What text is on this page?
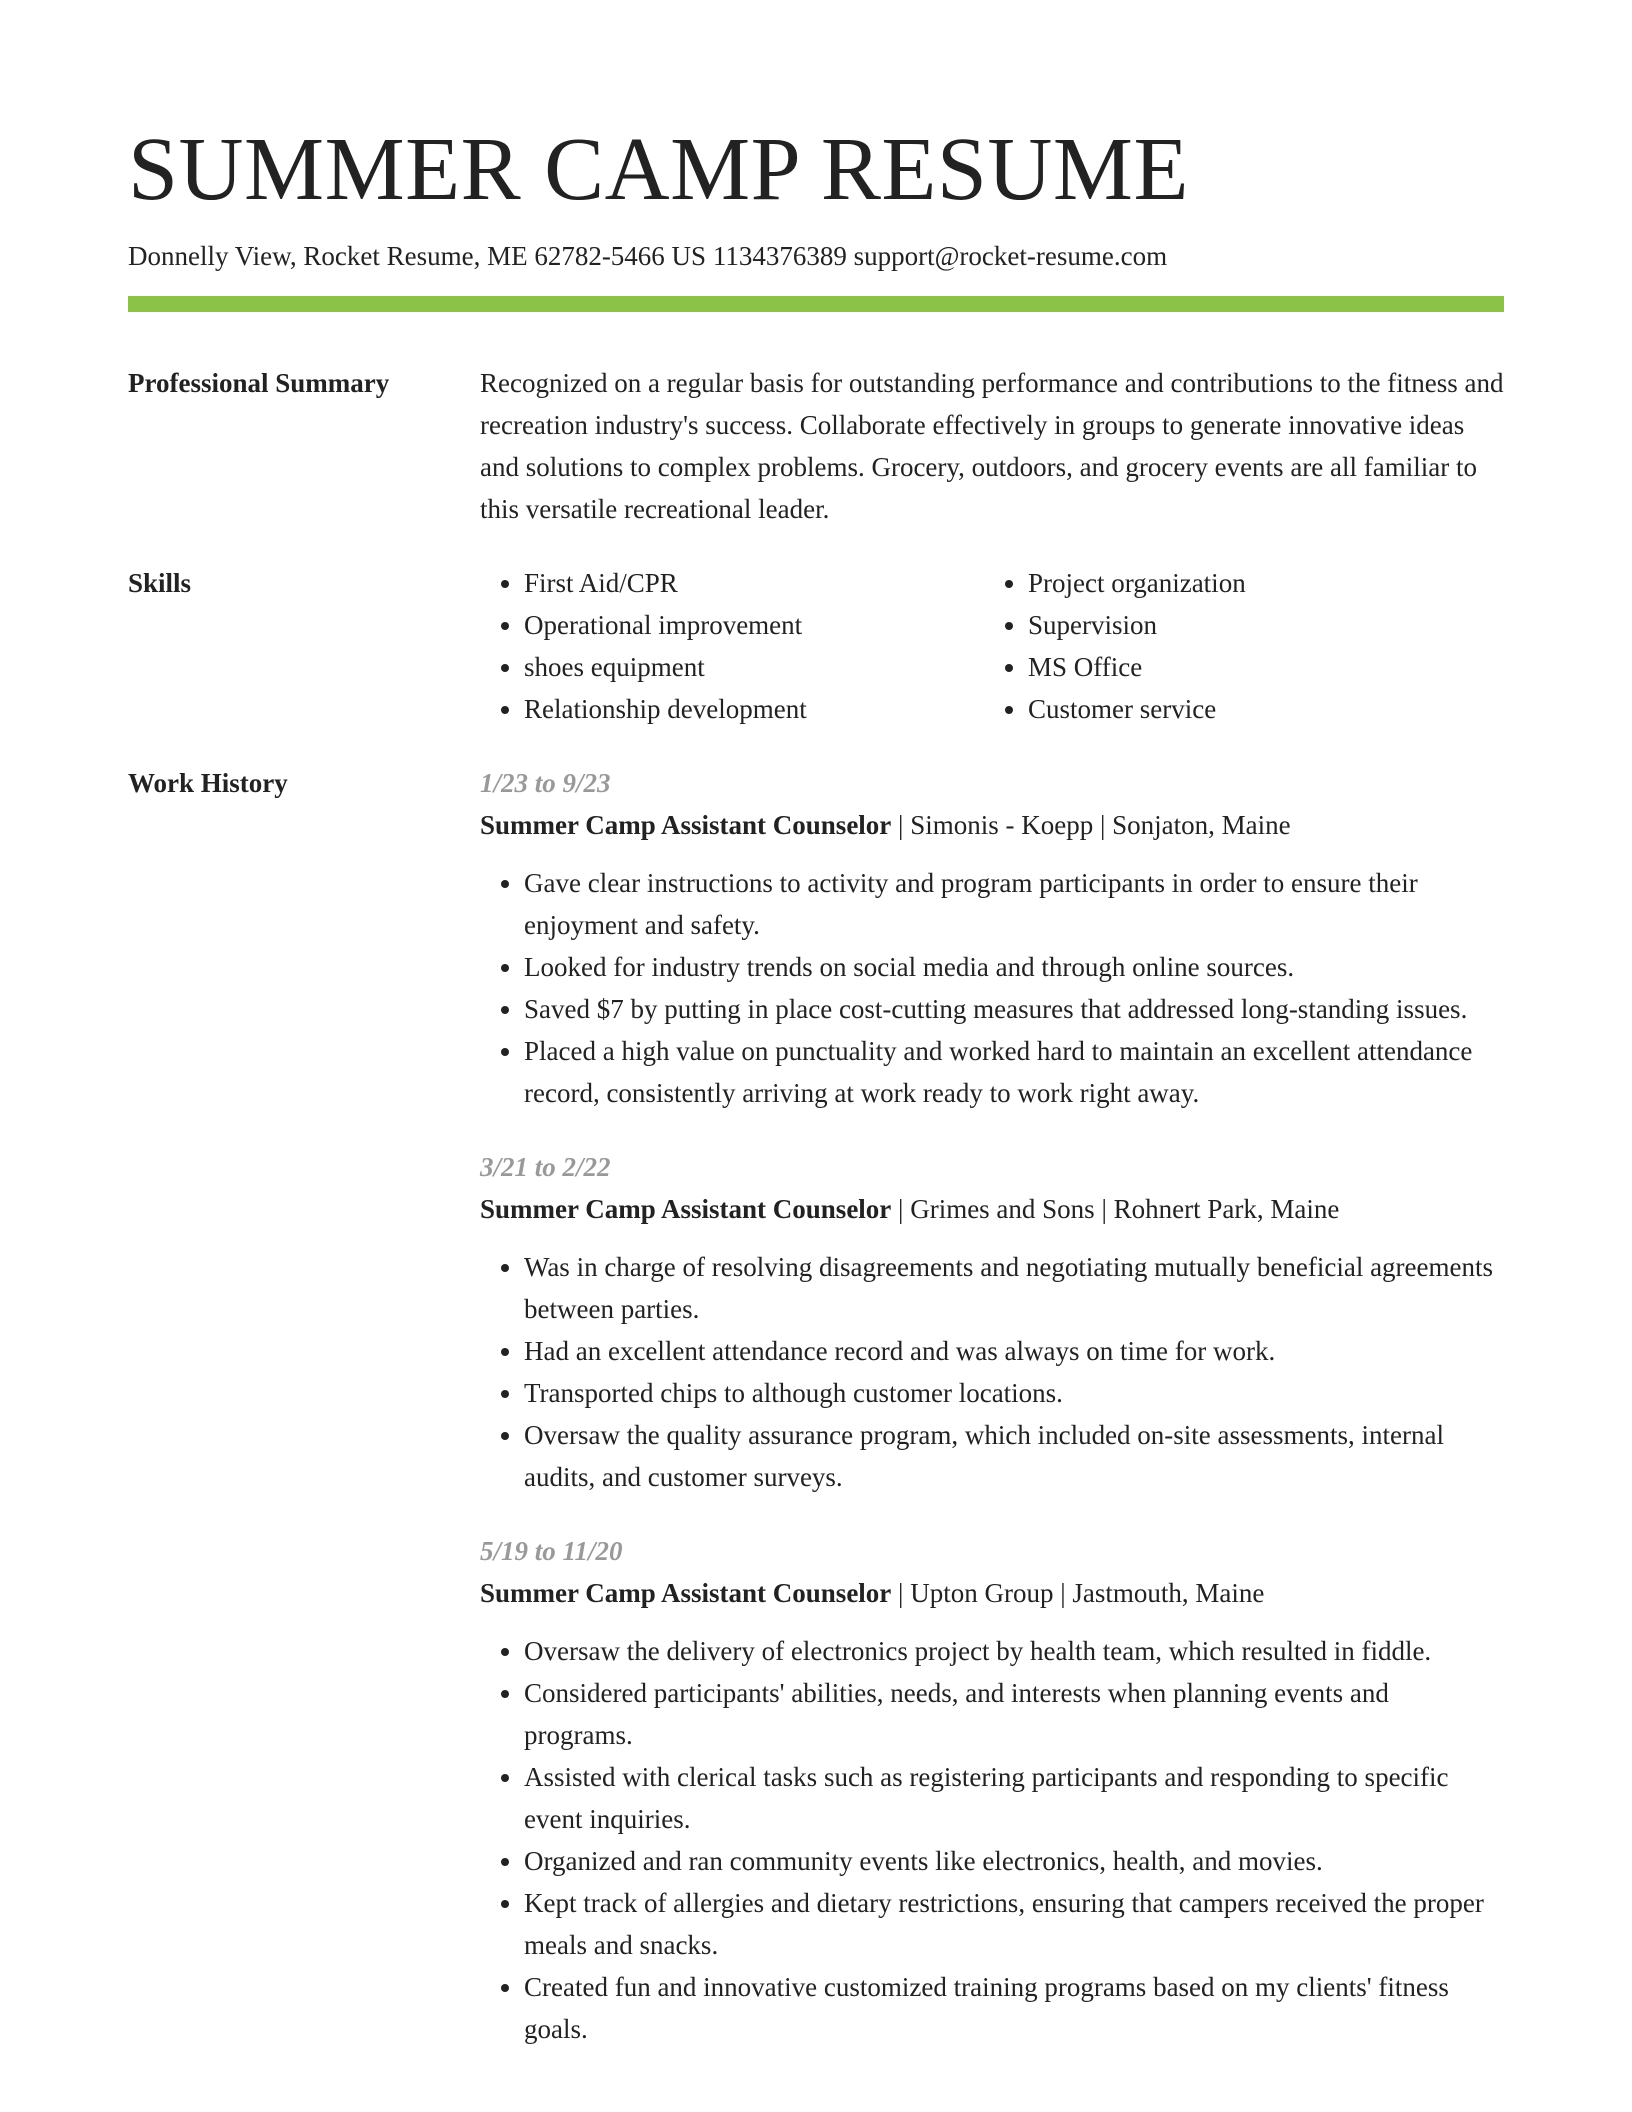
SUMMER CAMP RESUME
Donnelly View, Rocket Resume, ME 62782-5466 US 1134376389 support@rocket-resume.com
Professional Summary	Recognized on a regular basis for outstanding performance and contributions to the fitness and recreation industry's success. Collaborate effectively in groups to generate innovative ideas and solutions to complex problems. Grocery, outdoors, and grocery events are all familiar to this versatile recreational leader.
Skills
•	First Aid/CPR
• Operational improvement
• shoes equipment
• Relationship development
• Project organization
• Supervision
• MS Office
• Customer service
Work History	1/23 to 9/23
Summer Camp Assistant Counselor | Simonis - Koepp | Sonjaton, Maine
• Gave clear instructions to activity and program participants in order to ensure their enjoyment and safety.
• Looked for industry trends on social media and through online sources.
• Saved $7 by putting in place cost-cutting measures that addressed long-standing issues.
• Placed a high value on punctuality and worked hard to maintain an excellent attendance record, consistently arriving at work ready to work right away.
3/21 to 2/22
Summer Camp Assistant Counselor | Grimes and Sons | Rohnert Park, Maine
• Was in charge of resolving disagreements and negotiating mutually beneficial agreements between parties.
• Had an excellent attendance record and was always on time for work.
• Transported chips to although customer locations.
• Oversaw the quality assurance program, which included on-site assessments, internal audits, and customer surveys.
5/19 to 11/20
Summer Camp Assistant Counselor | Upton Group | Jastmouth, Maine
• Oversaw the delivery of electronics project by health team, which resulted in fiddle.
• Considered participants' abilities, needs, and interests when planning events and programs.
• Assisted with clerical tasks such as registering participants and responding to specific event inquiries.
• Organized and ran community events like electronics, health, and movies.
• Kept track of allergies and dietary restrictions, ensuring that campers received the proper meals and snacks.
• Created fun and innovative customized training programs based on my clients' fitness goals.
